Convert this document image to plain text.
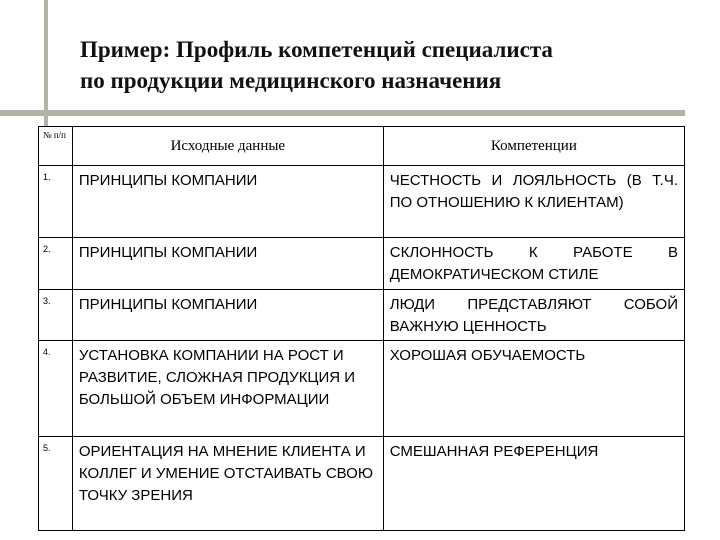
Пример: Профиль компетенций специалиста
по продукции медицинского назначения
№ п/п	Исходные данные	Компетенции
1.	ПРИНЦИПЫ КОМПАНИИ	ЧЕСТНОСТЬ И ЛОЯЛЬНОСТЬ (В Т.Ч. ПО ОТНОШЕНИЮ К КЛИЕНТАМ)
2.	ПРИНЦИПЫ КОМПАНИИ	СКЛОННОСТЬ К РАБОТЕ В ДЕМОКРАТИЧЕСКОМ СТИЛЕ
3.	ПРИНЦИПЫ КОМПАНИИ	ЛЮДИ ПРЕДСТАВЛЯЮТ СОБОЙ ВАЖНУЮ ЦЕННОСТЬ
4.	УСТАНОВКА КОМПАНИИ НА РОСТ И РАЗВИТИЕ, СЛОЖНАЯ ПРОДУКЦИЯ И БОЛЬШОЙ ОБЪЕМ ИНФОРМАЦИИ	ХОРОШАЯ ОБУЧАЕМОСТЬ
5.	ОРИЕНТАЦИЯ НА МНЕНИЕ КЛИЕНТА И КОЛЛЕГ И УМЕНИЕ ОТСТАИВАТЬ СВОЮ ТОЧКУ ЗРЕНИЯ	СМЕШАННАЯ РЕФЕРЕНЦИЯ
